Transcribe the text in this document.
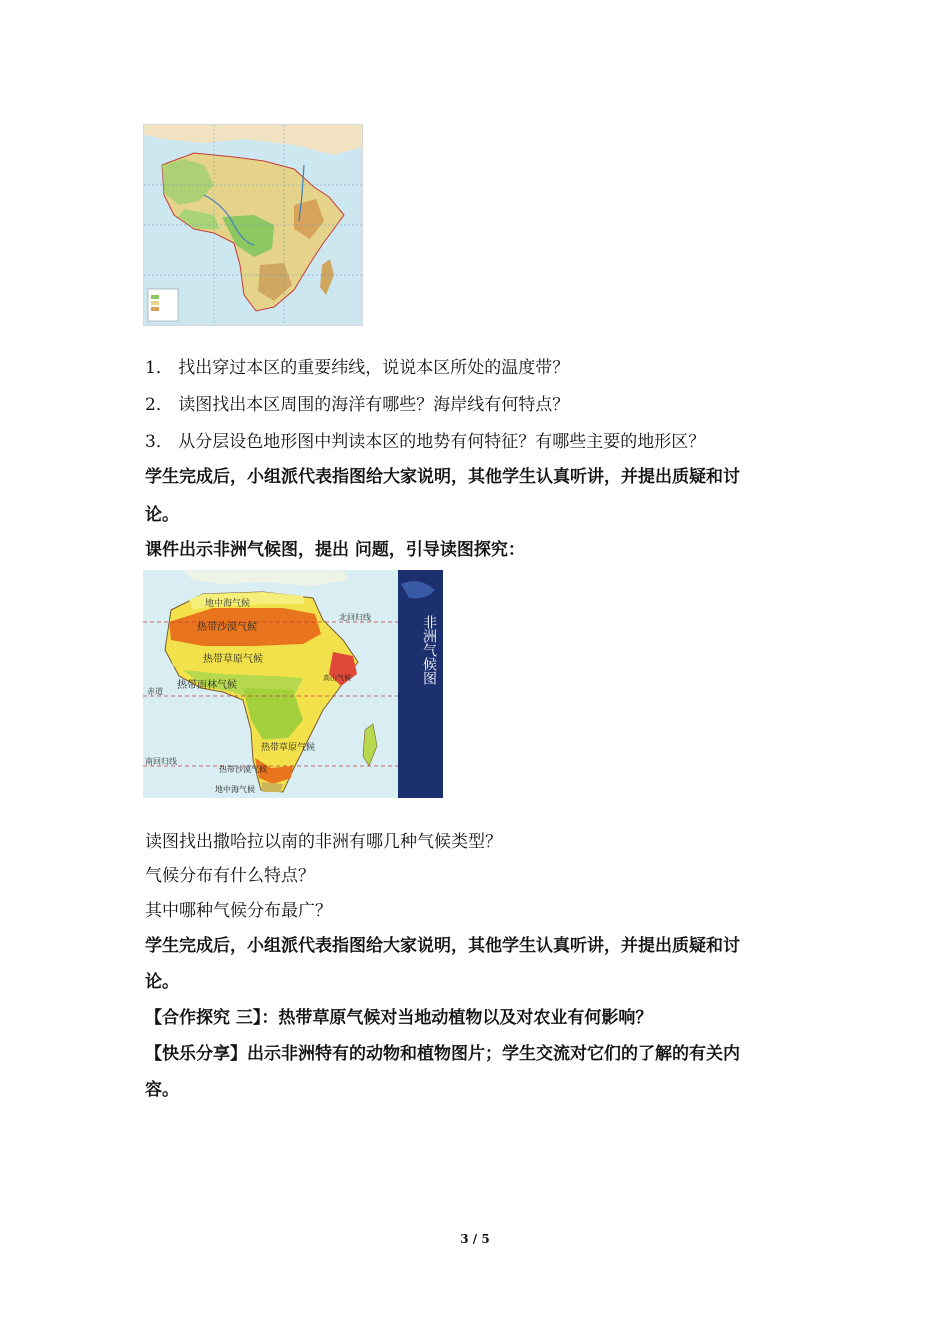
1． 找出穿过本区的重要纬线，说说本区所处的温度带？
2． 读图找出本区周围的海洋有哪些？海岸线有何特点？
3． 从分层设色地形图中判读本区的地势有何特征？有哪些主要的地形区？
学生完成后，小组派代表指图给大家说明，其他学生认真听讲，并提出质疑和讨
论。
课件出示非洲气候图，提出 问题，引导读图探究：
地中海气候
热带沙漠气候
北回归线
热带草原气候
赤道
热带雨林气候
高山气候
热带草原气候
南回归线
热带沙漠气候
地中海气候
非洲气候图
读图找出撒哈拉以南的非洲有哪几种气候类型？
气候分布有什么特点？
其中哪种气候分布最广？
学生完成后，小组派代表指图给大家说明，其他学生认真听讲，并提出质疑和讨
论。
【合作探究 三】：热带草原气候对当地动植物以及对农业有何影响？
【快乐分享】出示非洲特有的动物和植物图片；学生交流对它们的了解的有关内
容。
3 / 5
